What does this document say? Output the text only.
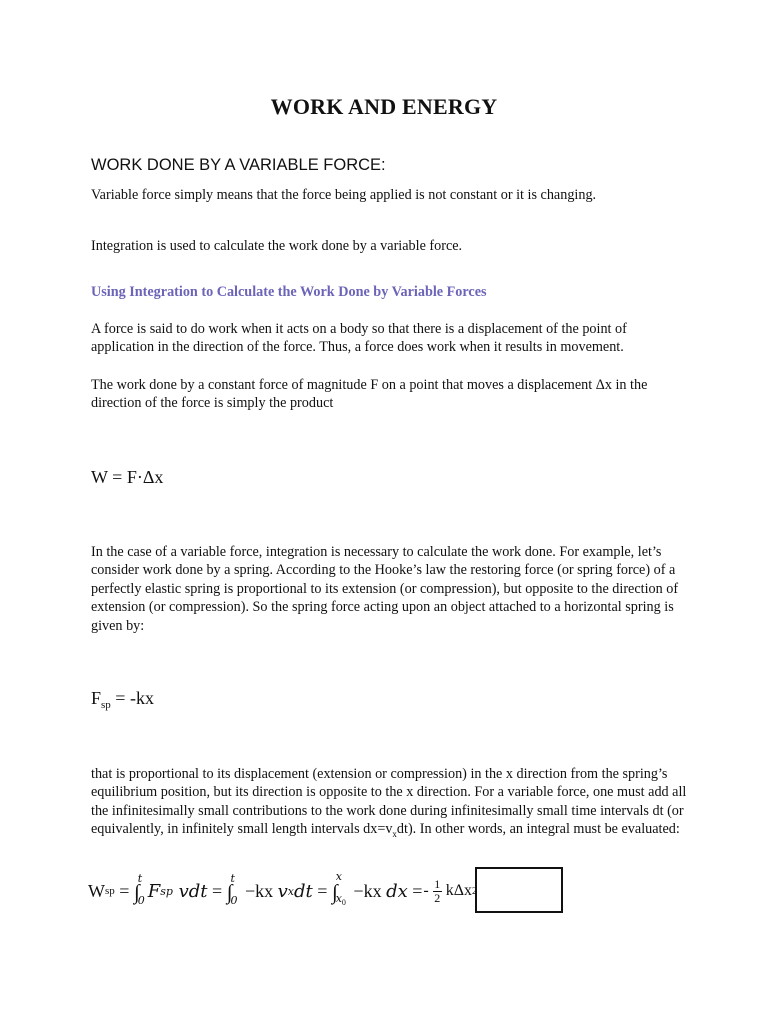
WORK AND ENERGY
WORK DONE BY A VARIABLE FORCE:
Variable force simply means that the force being applied is not constant or it is changing.
Integration is used to calculate the work done by a variable force.
Using Integration to Calculate the Work Done by Variable Forces
A force is said to do work when it acts on a body so that there is a displacement of the point of application in the direction of the force. Thus, a force does work when it results in movement.
The work done by a constant force of magnitude F on a point that moves a displacement Δx in the direction of the force is simply the product
W = F·Δx
In the case of a variable force, integration is necessary to calculate the work done. For example, let’s consider work done by a spring. According to the Hooke’s law the restoring force (or spring force) of a perfectly elastic spring is proportional to its extension (or compression), but opposite to the direction of extension (or compression). So the spring force acting upon an object attached to a horizontal spring is given by:
$F_{sp} = -kx$
that is proportional to its displacement (extension or compression) in the x direction from the spring’s equilibrium position, but its direction is opposite to the x direction. For a variable force, one must add all the infinitesimally small contributions to the work done during infinitesimally small time intervals dt (or equivalently, in infinitely small length intervals $dx=v_xdt$). In other words, an integral must be evaluated:
W sp = ∫
t
0 F sp vdt = ∫
t
0 −kx v x dt = ∫
x
$x_0$
−kx dx = - $\frac{1}{2}$ kΔx 2
